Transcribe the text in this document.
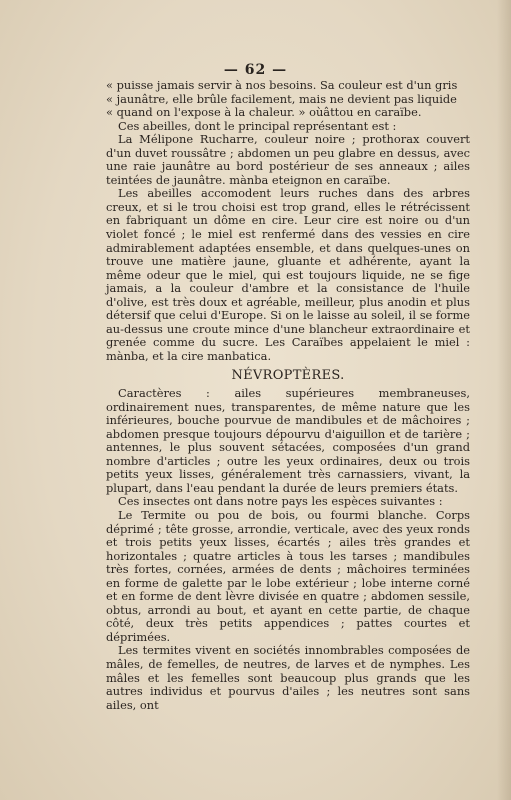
— 62 —
« puisse jamais servir à nos besoins. Sa couleur est d'un gris
« jaunâtre, elle brûle facilement, mais ne devient pas liquide
« quand on l'expose à la chaleur. » oùâttou en caraïbe.

Ces abeilles, dont le principal représentant est :

La Mélipone Rucharre, couleur noire ; prothorax couvert d'un duvet roussâtre ; abdomen un peu glabre en dessus, avec une raie jaunâtre au bord postérieur de ses anneaux ; ailes teintées de jaunâtre. mànba eteignon en caraïbe.

Les abeilles accomodent leurs ruches dans des arbres creux, et si le trou choisi est trop grand, elles le rétrécissent en fabriquant un dôme en cire. Leur cire est noire ou d'un violet foncé ; le miel est renfermé dans des vessies en cire admirablement adaptées ensemble, et dans quelques-unes on trouve une matière jaune, gluante et adhérente, ayant la même odeur que le miel, qui est toujours liquide, ne se fige jamais, a la couleur d'ambre et la consistance de l'huile d'olive, est très doux et agréable, meilleur, plus anodin et plus détersif que celui d'Europe. Si on le laisse au soleil, il se forme au-dessus une croute mince d'une blancheur extraordinaire et grenée comme du sucre. Les Caraïbes appelaient le miel : mànba, et la cire manbatica.

NÉVROPTÈRES.

Caractères : ailes supérieures membraneuses, ordinairement nues, transparentes, de même nature que les inférieures, bouche pourvue de mandibules et de mâchoires ; abdomen presque toujours dépourvu d'aiguillon et de tarière ; antennes, le plus souvent sétacées, composées d'un grand nombre d'articles ; outre les yeux ordinaires, deux ou trois petits yeux lisses, généralement très carnassiers, vivant, la plupart, dans l'eau pendant la durée de leurs premiers états.

Ces insectes ont dans notre pays les espèces suivantes :

Le Termite ou pou de bois, ou fourmi blanche. Corps déprimé ; tête grosse, arrondie, verticale, avec des yeux ronds et trois petits yeux lisses, écartés ; ailes très grandes et horizontales ; quatre articles à tous les tarses ; mandibules très fortes, cornées, armées de dents ; mâchoires terminées en forme de galette par le lobe extérieur ; lobe interne corné et en forme de dent lèvre divisée en quatre ; abdomen sessile, obtus, arrondi au bout, et ayant en cette partie, de chaque côté, deux très petits appendices ; pattes courtes et déprimées.

Les termites vivent en sociétés innombrables composées de mâles, de femelles, de neutres, de larves et de nymphes. Les mâles et les femelles sont beaucoup plus grands que les autres individus et pourvus d'ailes ; les neutres sont sans ailes, ont
